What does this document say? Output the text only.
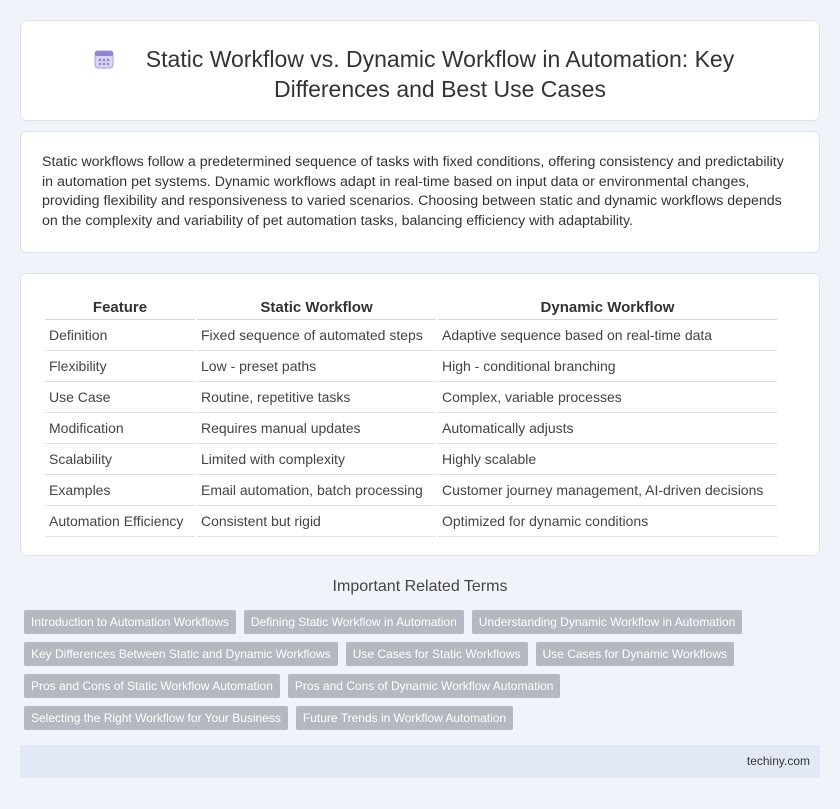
Static Workflow vs. Dynamic Workflow in Automation: Key Differences and Best Use Cases

Static workflows follow a predetermined sequence of tasks with fixed conditions, offering consistency and predictability in automation pet systems. Dynamic workflows adapt in real-time based on input data or environmental changes, providing flexibility and responsiveness to varied scenarios. Choosing between static and dynamic workflows depends on the complexity and variability of pet automation tasks, balancing efficiency with adaptability.

Feature	Static Workflow	Dynamic Workflow
Definition	Fixed sequence of automated steps	Adaptive sequence based on real-time data
Flexibility	Low - preset paths	High - conditional branching
Use Case	Routine, repetitive tasks	Complex, variable processes
Modification	Requires manual updates	Automatically adjusts
Scalability	Limited with complexity	Highly scalable
Examples	Email automation, batch processing	Customer journey management, AI-driven decisions
Automation Efficiency	Consistent but rigid	Optimized for dynamic conditions
Important Related Terms
Introduction to Automation Workflows	Defining Static Workflow in Automation	Understanding Dynamic Workflow in Automation
Key Differences Between Static and Dynamic Workflows	Use Cases for Static Workflows	Use Cases for Dynamic Workflows
Pros and Cons of Static Workflow Automation	Pros and Cons of Dynamic Workflow Automation
Selecting the Right Workflow for Your Business	Future Trends in Workflow Automation
techiny.com
